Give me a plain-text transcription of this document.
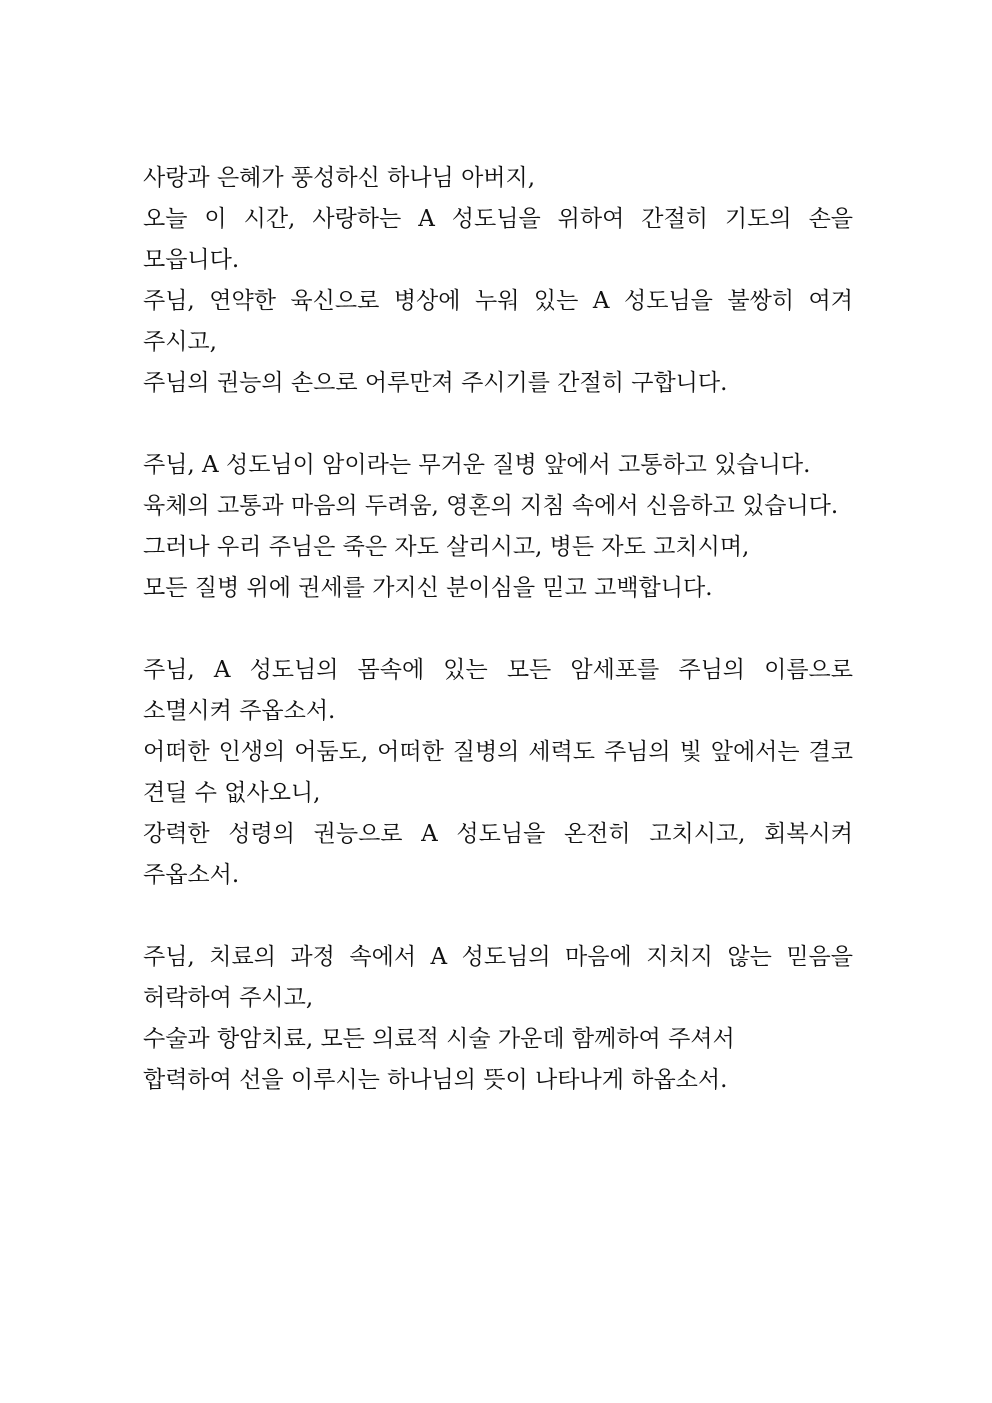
사랑과 은혜가 풍성하신 하나님 아버지,

오늘 이 시간, 사랑하는 A 성도님을 위하여 간절히 기도의 손을 모읍니다.

주님, 연약한 육신으로 병상에 누워 있는 A 성도님을 불쌍히 여겨 주시고,

주님의 권능의 손으로 어루만져 주시기를 간절히 구합니다.

주님, A 성도님이 암이라는 무거운 질병 앞에서 고통하고 있습니다.

육체의 고통과 마음의 두려움, 영혼의 지침 속에서 신음하고 있습니다.

그러나 우리 주님은 죽은 자도 살리시고, 병든 자도 고치시며,

모든 질병 위에 권세를 가지신 분이심을 믿고 고백합니다.

주님, A 성도님의 몸속에 있는 모든 암세포를 주님의 이름으로 소멸시켜 주옵소서.

어떠한 인생의 어둠도, 어떠한 질병의 세력도 주님의 빛 앞에서는 결코 견딜 수 없사오니,

강력한 성령의 권능으로 A 성도님을 온전히 고치시고, 회복시켜 주옵소서.

주님, 치료의 과정 속에서 A 성도님의 마음에 지치지 않는 믿음을 허락하여 주시고,

수술과 항암치료, 모든 의료적 시술 가운데 함께하여 주셔서

합력하여 선을 이루시는 하나님의 뜻이 나타나게 하옵소서.
